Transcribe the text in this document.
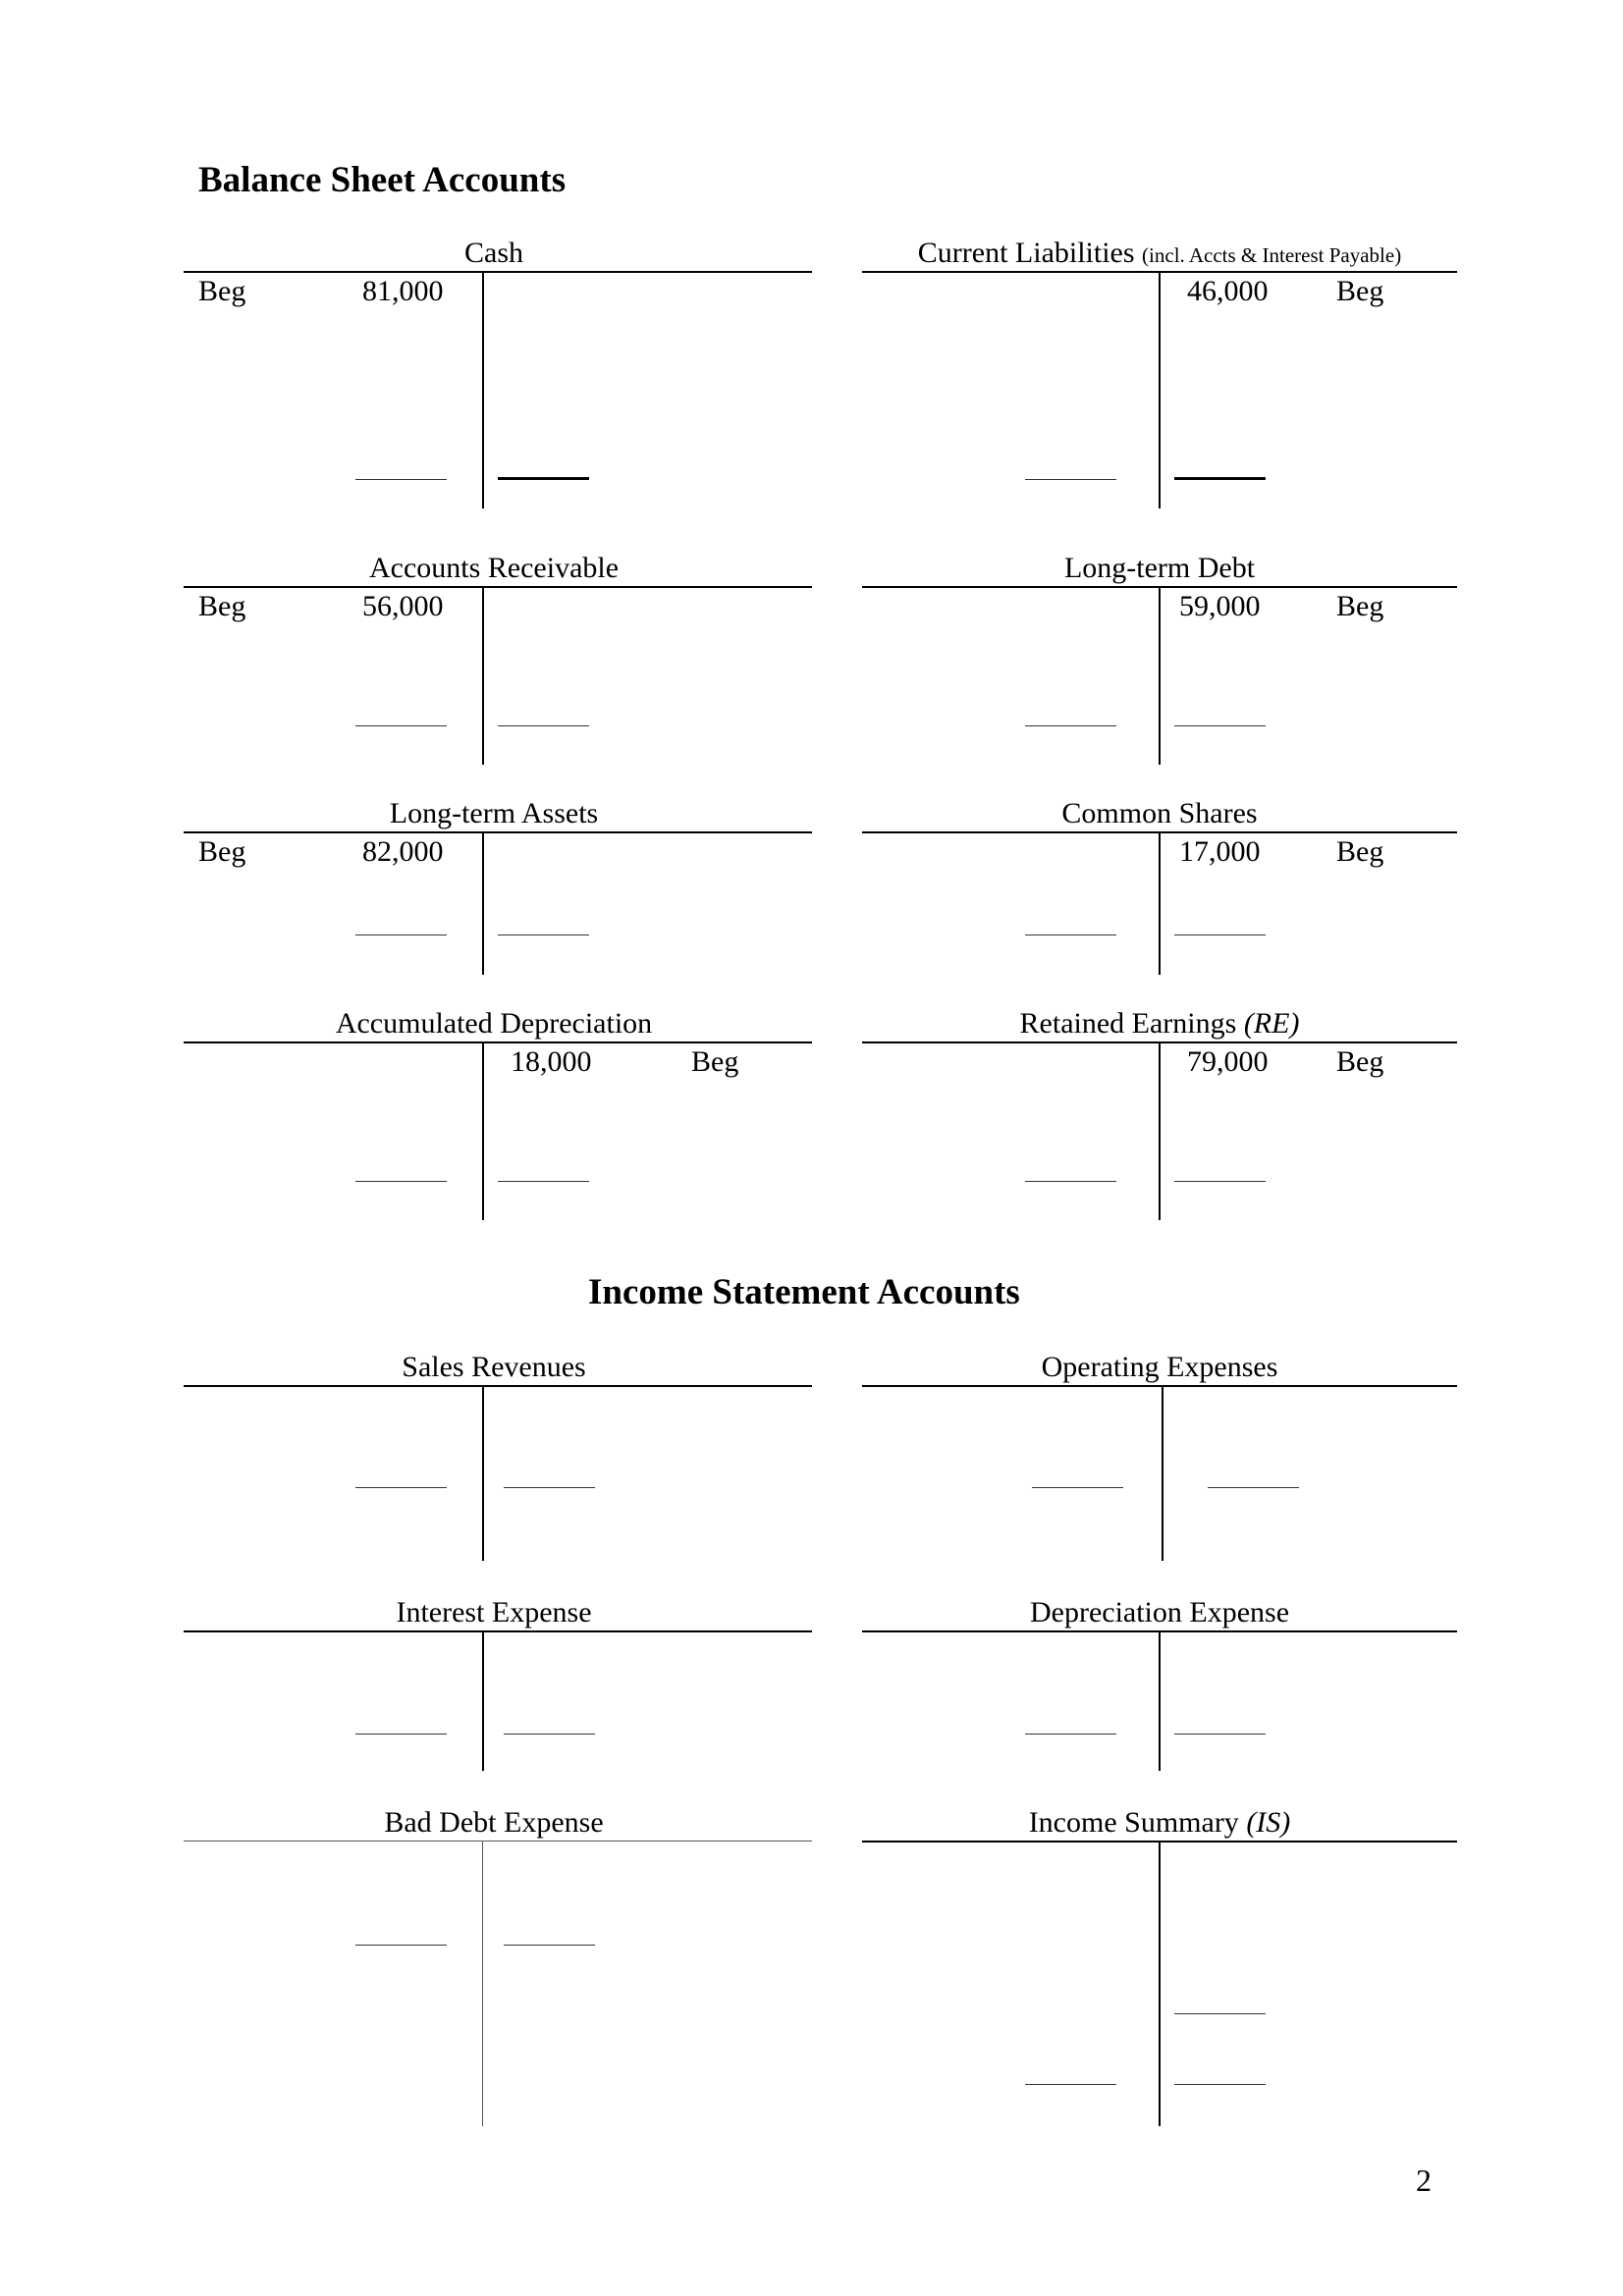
Balance Sheet Accounts
Cash
Beg	81,000
Current Liabilities (incl. Accts & Interest Payable)
46,000 Beg
Accounts Receivable
Beg	56,000
Long-term Debt
59,000	Beg
Long-term Assets
Beg	82,000
Common Shares
17,000	Beg
Accumulated Depreciation
18,000	Beg
Retained Earnings (RE)
79,000 Beg
Income Statement Accounts
Sales Revenues	Operating Expenses
Interest Expense	Depreciation Expense
Bad Debt Expense	Income Summary (IS)
2
